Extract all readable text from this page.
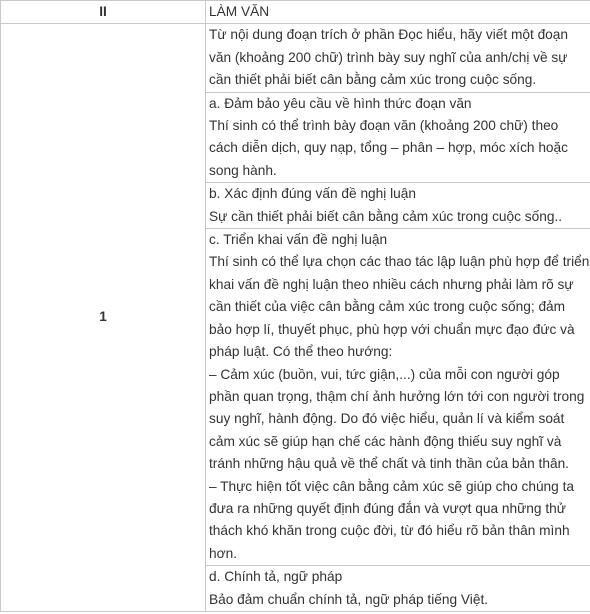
II	LÀM VĂN
1	Từ nội dung đoạn trích ở phần Đọc hiểu, hãy viết một đoạn văn (khoảng 200 chữ) trình bày suy nghĩ của anh/chị về sự cần thiết phải biết cân bằng cảm xúc trong cuộc sống.

	a. Đảm bảo yêu cầu về hình thức đoạn văn
Thí sinh có thể trình bày đoạn văn (khoảng 200 chữ) theo cách diễn dịch, quy nạp, tổng – phân – hợp, móc xích hoặc song hành.

	b. Xác định đúng vấn đề nghị luận
Sự cần thiết phải biết cân bằng cảm xúc trong cuộc sống..

	c. Triển khai vấn đề nghị luận
Thí sinh có thể lựa chọn các thao tác lập luận phù hợp để triển khai vấn đề nghị luận theo nhiều cách nhưng phải làm rõ sự cần thiết của việc cân bằng cảm xúc trong cuộc sống; đảm bảo hợp lí, thuyết phục, phù hợp với chuẩn mực đạo đức và pháp luật. Có thể theo hướng:
– Cảm xúc (buồn, vui, tức giận,...) của mỗi con người góp phần quan trọng, thậm chí ảnh hưởng lớn tới con người trong suy nghĩ, hành động. Do đó việc hiểu, quản lí và kiểm soát cảm xúc sẽ giúp hạn chế các hành động thiếu suy nghĩ và tránh những hậu quả về thể chất và tinh thần của bản thân.
– Thực hiện tốt việc cân bằng cảm xúc sẽ giúp cho chúng ta đưa ra những quyết định đúng đắn và vượt qua những thử thách khó khăn trong cuộc đời, từ đó hiểu rõ bản thân mình hơn.

	d. Chính tả, ngữ pháp
Bảo đảm chuẩn chính tả, ngữ pháp tiếng Việt.
